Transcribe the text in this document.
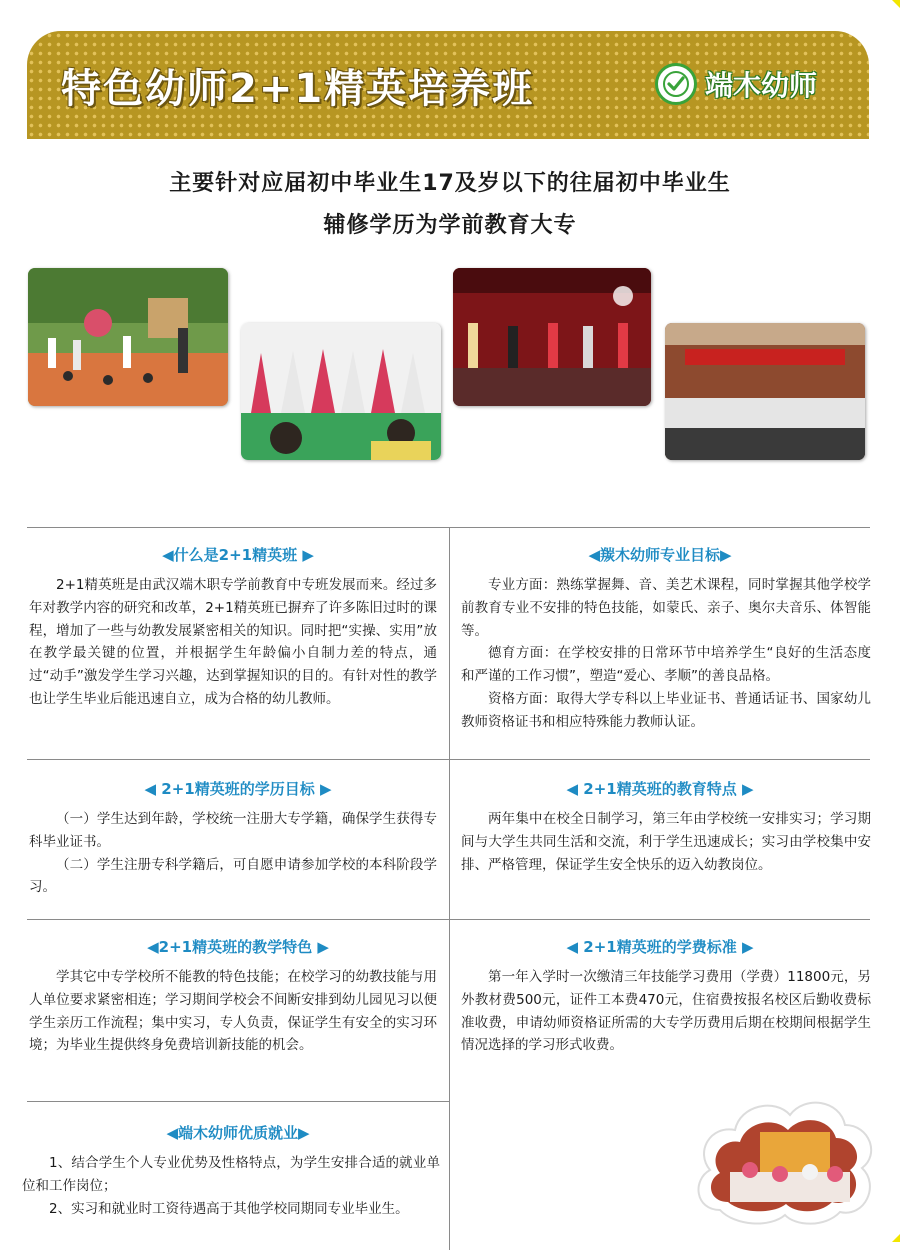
特色幼师2+1精英培养班	端木幼师
主要针对应届初中毕业生17及岁以下的往届初中毕业生
辅修学历为学前教育大专
◀什么是2+1精英班 ▶

2+1精英班是由武汉端木职专学前教育中专班发展而来。经过多年对教学内容的研究和改革，2+1精英班已摒弃了许多陈旧过时的课程，增加了一些与幼教发展紧密相关的知识。同时把“实操、实用”放在教学最关键的位置，并根据学生年龄偏小自制力差的特点，通过“动手”激发学生学习兴趣，达到掌握知识的目的。有针对性的教学也让学生毕业后能迅速自立，成为合格的幼儿教师。

◀羰木幼师专业目标▶

专业方面：熟练掌握舞、音、美艺术课程，同时掌握其他学校学前教育专业不安排的特色技能，如蒙氏、亲子、奥尔夫音乐、体智能等。

德育方面：在学校安排的日常环节中培养学生“良好的生活态度和严谨的工作习惯”，塑造“爱心、孝顺”的善良品格。

资格方面：取得大学专科以上毕业证书、普通话证书、国家幼儿教师资格证书和相应特殊能力教师认证。

◀ 2+1精英班的学历目标 ▶

（一）学生达到年龄，学校统一注册大专学籍，确保学生获得专科毕业证书。

（二）学生注册专科学籍后，可自愿申请参加学校的本科阶段学习。

◀ 2+1精英班的教育特点 ▶

两年集中在校全日制学习，第三年由学校统一安排实习；学习期间与大学生共同生活和交流，利于学生迅速成长；实习由学校集中安排、严格管理，保证学生安全快乐的迈入幼教岗位。

◀2+1精英班的教学特色 ▶

学其它中专学校所不能教的特色技能；在校学习的幼教技能与用人单位要求紧密相连；学习期间学校会不间断安排到幼儿园见习以便学生亲历工作流程；集中实习，专人负责，保证学生有安全的实习环境；为毕业生提供终身免费培训新技能的机会。

◀ 2+1精英班的学费标准 ▶

第一年入学时一次缴清三年技能学习费用（学费）11800元，另外教材费500元，证件工本费470元，住宿费按报名校区后勤收费标准收费，申请幼师资格证所需的大专学历费用后期在校期间根据学生情况选择的学习形式收费。

◀端木幼师优质就业▶

1、结合学生个人专业优势及性格特点，为学生安排合适的就业单位和工作岗位；

2、实习和就业时工资待遇高于其他学校同期同专业毕业生。
